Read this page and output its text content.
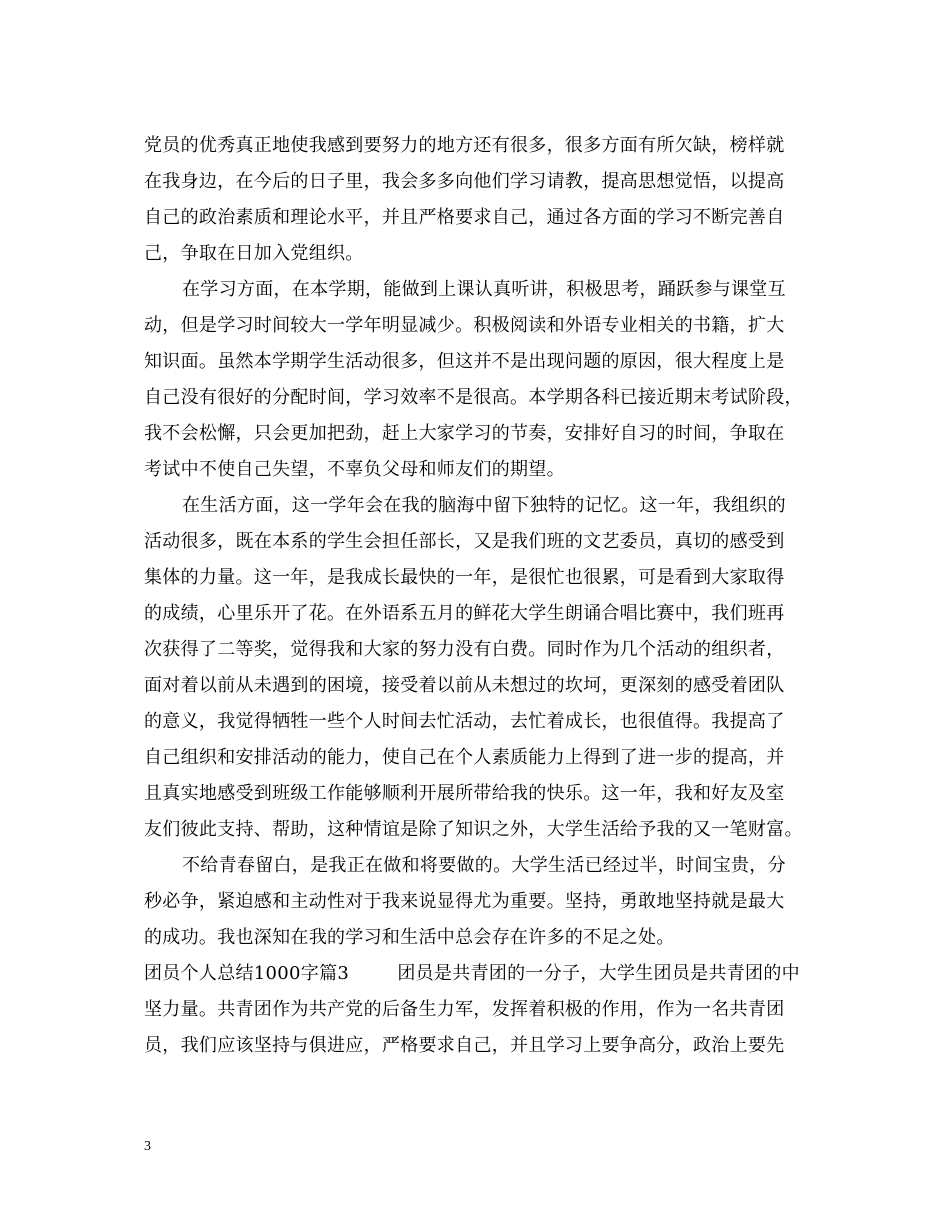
党员的优秀真正地使我感到要努力的地方还有很多，很多方面有所欠缺，榜样就
在我身边，在今后的日子里，我会多多向他们学习请教，提高思想觉悟，以提高
自己的政治素质和理论水平，并且严格要求自己，通过各方面的学习不断完善自
己，争取在日加入党组织。
在学习方面，在本学期，能做到上课认真听讲，积极思考，踊跃参与课堂互
动，但是学习时间较大一学年明显减少。积极阅读和外语专业相关的书籍，扩大
知识面。虽然本学期学生活动很多，但这并不是出现问题的原因，很大程度上是
自己没有很好的分配时间，学习效率不是很高。本学期各科已接近期末考试阶段，
我不会松懈，只会更加把劲，赶上大家学习的节奏，安排好自习的时间，争取在
考试中不使自己失望，不辜负父母和师友们的期望。
在生活方面，这一学年会在我的脑海中留下独特的记忆。这一年，我组织的
活动很多，既在本系的学生会担任部长，又是我们班的文艺委员，真切的感受到
集体的力量。这一年，是我成长最快的一年，是很忙也很累，可是看到大家取得
的成绩，心里乐开了花。在外语系五月的鲜花大学生朗诵合唱比赛中，我们班再
次获得了二等奖，觉得我和大家的努力没有白费。同时作为几个活动的组织者，
面对着以前从未遇到的困境，接受着以前从未想过的坎坷，更深刻的感受着团队
的意义，我觉得牺牲一些个人时间去忙活动，去忙着成长，也很值得。我提高了
自己组织和安排活动的能力，使自己在个人素质能力上得到了进一步的提高，并
且真实地感受到班级工作能够顺利开展所带给我的快乐。这一年，我和好友及室
友们彼此支持、帮助，这种情谊是除了知识之外，大学生活给予我的又一笔财富。
不给青春留白，是我正在做和将要做的。大学生活已经过半，时间宝贵，分
秒必争，紧迫感和主动性对于我来说显得尤为重要。坚持，勇敢地坚持就是最大
的成功。我也深知在我的学习和生活中总会存在许多的不足之处。
团员个人总结1000字篇3        团员是共青团的一分子，大学生团员是共青团的中
坚力量。共青团作为共产党的后备生力军，发挥着积极的作用，作为一名共青团
员，我们应该坚持与俱进应，严格要求自己，并且学习上要争高分，政治上要先
3
